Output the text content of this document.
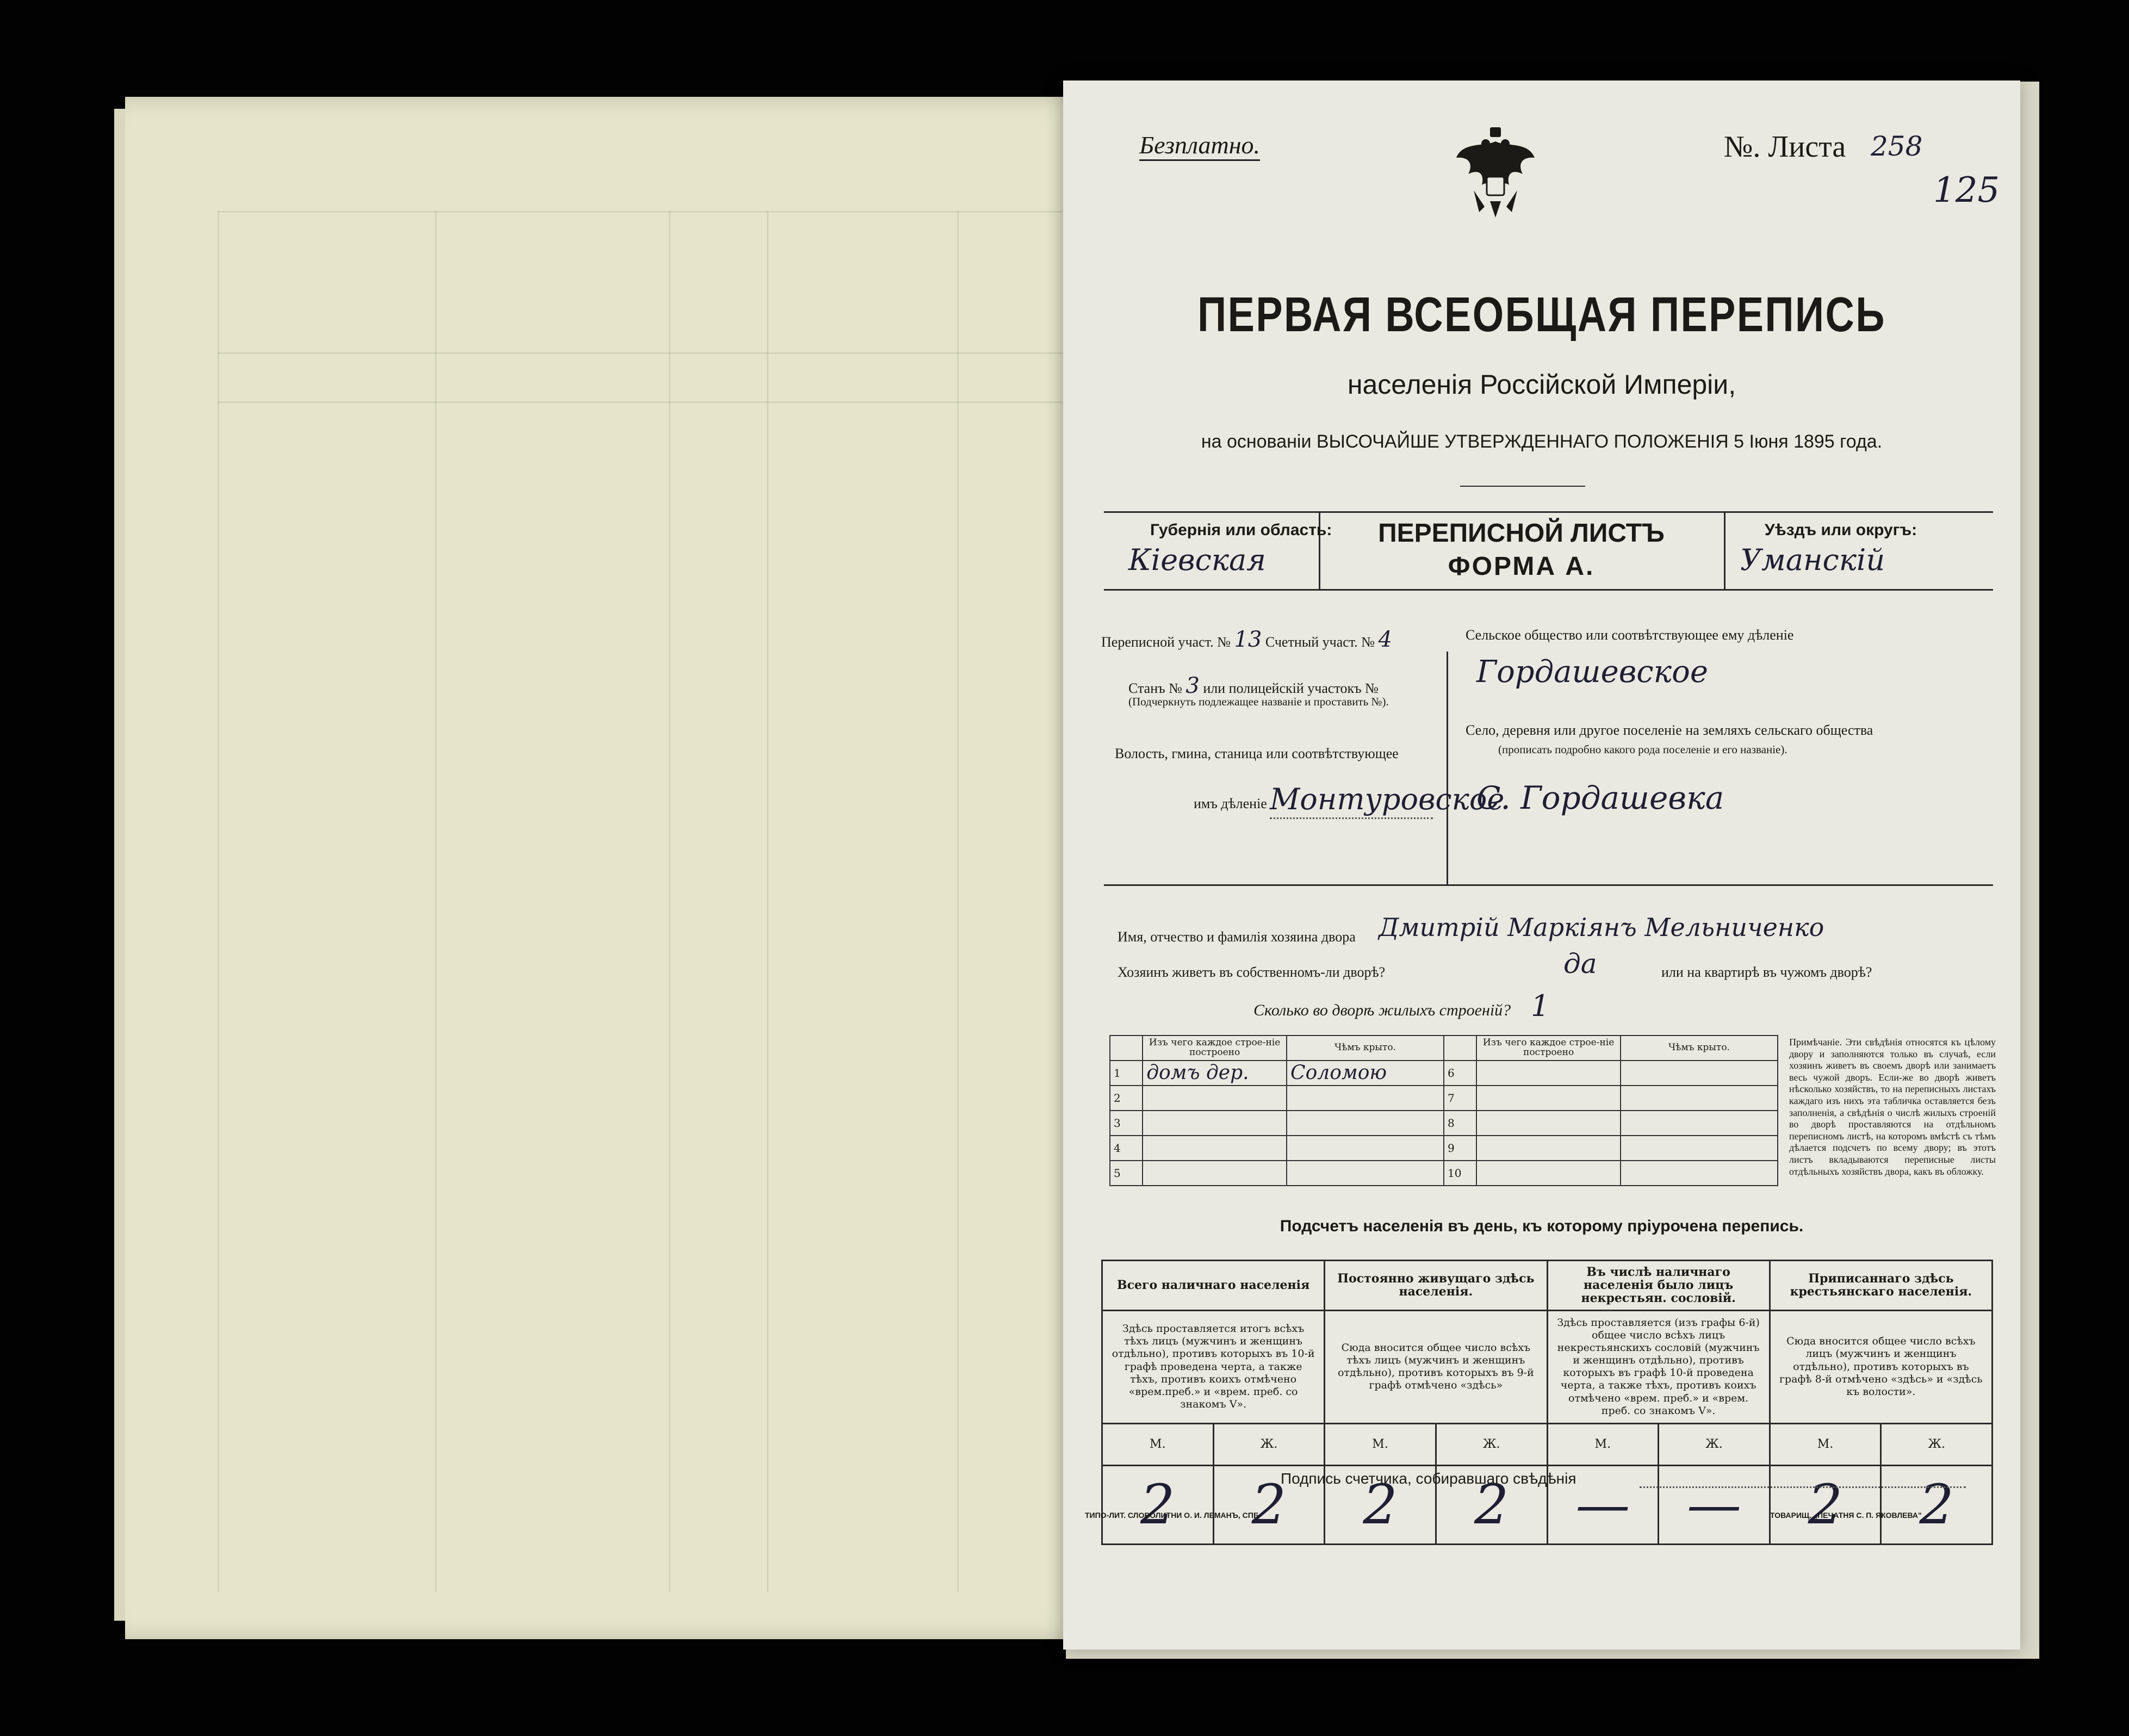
Безплатно.	№. Листа 258
125
ПЕРВАЯ ВСЕОБЩАЯ ПЕРЕПИСЬ
населенія Россійской Имперіи,
на основаніи ВЫСОЧАЙШЕ УТВЕРЖДЕННАГО ПОЛОЖЕНІЯ 5 Іюня 1895 года.
Губернія или область:
Кіевская
ПЕРЕПИСНОЙ ЛИСТЪ
ФОРМА А.
Уѣздъ или округъ:
Уманскій
Переписной участ. № 13 Счетный участ. № 4
Станъ № 3 или полицейскій участокъ №
(Подчеркнуть подлежащее названіе и проставить №).
Волость, гмина, станица или соотвѣтствующее
имъ дѣленіе Монтуровское
Сельское общество или соотвѣтствующее ему дѣленіе
Гордашевское
Село, деревня или другое поселеніе на земляхъ сельскаго общества
(прописать подробно какого рода поселеніе и его названіе).
С. Гордашевка
Имя, отчество и фамилія хозяина двора Дмитрій Маркіянъ Мельниченко
Хозяинъ живетъ въ собственномъ-ли дворѣ?	да	или на квартирѣ въ чужомъ дворѣ?
Сколько во дворѣ жилыхъ строеній? 1
	Изъ чего каждое строе-ніе построено	Чѣмъ крыто.		Изъ чего каждое строе-ніе построено	Чѣмъ крыто.
1	домъ дер.	Соломою	6		
2			7		
3			8		
4			9		
5			10		
Примѣчаніе. Эти свѣдѣнія относятся къ цѣлому двору и заполняются только въ случаѣ, если хозяинъ живетъ въ своемъ дворѣ или занимаетъ весь чужой дворъ. Если-же во дворѣ живетъ нѣсколько хозяйствъ, то на переписныхъ листахъ каждаго изъ нихъ эта табличка оставляется безъ заполненія, а свѣдѣнія о числѣ жилыхъ строеній во дворѣ проставляются на отдѣльномъ переписномъ листѣ, на которомъ вмѣстѣ съ тѣмъ дѣлается подсчетъ по всему двору; въ этотъ листъ вкладываются переписные листы отдѣльныхъ хозяйствъ двора, какъ въ обложку.
Подсчетъ населенія въ день, къ которому пріурочена перепись.
Всего наличнаго населенія		Постоянно живущаго здѣсь населенія.		Въ числѣ наличнаго населенія было лицъ некрестьян. сословій.		Приписаннаго здѣсь крестьянскаго населенія.	
Здѣсь проставляется итогъ всѣхъ тѣхъ лицъ (мужчинъ и женщинъ отдѣльно), противъ которыхъ въ 10-й графѣ проведена черта, а также тѣхъ, противъ коихъ отмѣчено «врем.преб.» и «врем. преб. со знакомъ V».		Сюда вносится общее число всѣхъ тѣхъ лицъ (мужчинъ и женщинъ отдѣльно), противъ которыхъ въ 9-й графѣ отмѣчено «здѣсь»		Здѣсь проставляется (изъ графы 6-й) общее число всѣхъ лицъ некрестьянскихъ сословій (мужчинъ и женщинъ отдѣльно), противъ которыхъ въ графѣ 10-й проведена черта, а также тѣхъ, противъ коихъ отмѣчено «врем. преб.» и «врем. преб. со знакомъ V».		Сюда вносится общее число всѣхъ лицъ (мужчинъ и женщинъ отдѣльно), противъ которыхъ въ графѣ 8-й отмѣчено «здѣсь» и «здѣсь къ волости».	
М.	Ж.	М.	Ж.	М.	Ж.	М.	Ж.
2	2	2	2	—	—	2	2
Подпись счетчика, собиравшаго свѣдѣнія
ТИПО-ЛИТ. СЛОВОЛИТНИ О. И. ЛЕМАНЪ, СПБ	ТОВАРИЩ. „ПЕЧАТНЯ С. П. ЯКОВЛЕВА"
